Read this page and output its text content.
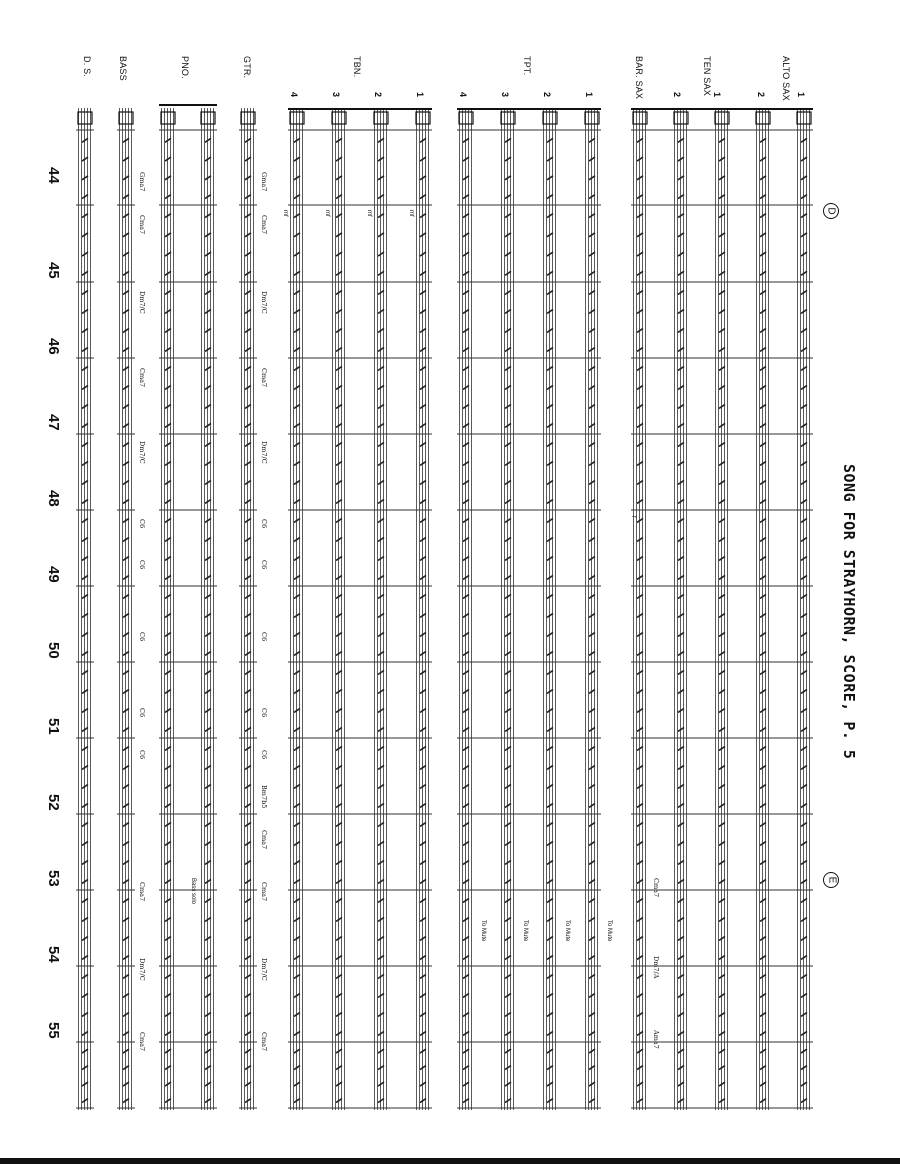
SONG FOR STRAYHORN, SCORE, P. 5
D
E
ALTO SAX 1
2
TEN SAX 1
2
BAR. SAX
TPT.
1
2
3
4
TBN.
1
2
3
4
GTR.
PNO.
BASS
D. S.
44
45
46
47
48
49
50
51
52
53
54
55
Gma7
Cma7
Dm7/C
Cma7
Dm7/C
C6
C6
C6
C6
C6
Bm7b5
Cma7
Cma7
Dm7/C
Cma7
Gma7
Cma7
Dm7/C
Cma7
Dm7/C
C6
C6
C6
C6
C6
Cma7
Dm7/C
Cma7
Cma7
Dm7/A
Ama7
To Mute
To Mute
To Mute
To Mute
Bass solo
mf	mf	mf
mf
f
